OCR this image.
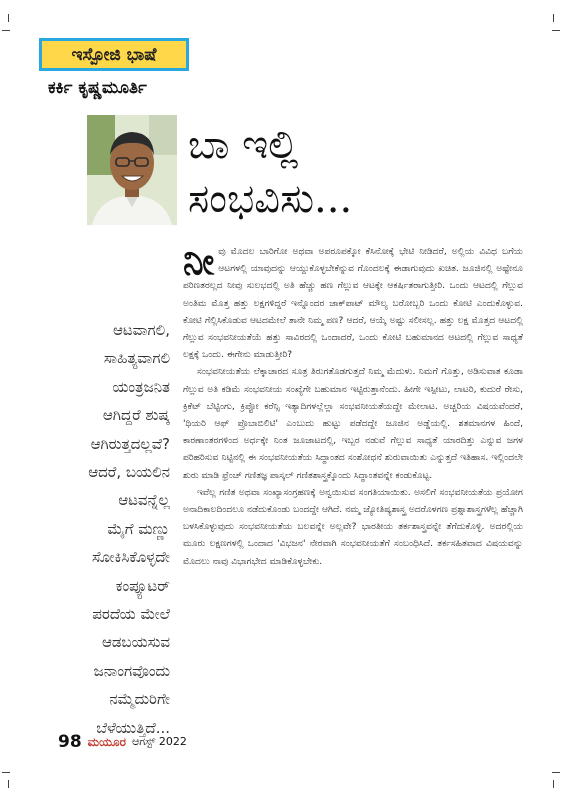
ಇಸ್ಪೋಜಿ ಭಾಷೆ
ಕರ್ಕಿ ಕೃಷ್ಣಮೂರ್ತಿ
ಬಾ ಇಲ್ಲಿ
ಸಂಭವಿಸು...
ಆಟವಾಗಲಿ,
ಸಾಹಿತ್ಯವಾಗಲಿ
ಯಂತ್ರಜನಿತ
ಆಗಿದ್ದರೆ ಶುಷ್ಕ
ಆಗಿರುತ್ತದಲ್ಲವೆ?
ಆದರೆ, ಬಯಲಿನ
ಆಟವನ್ನೆಲ್ಲ
ಮೈಗೆ ಮಣ್ಣು
ಸೋಕಿಸಿಕೊಳ್ಳದೇ
ಕಂಪ್ಯೂಟರ್
ಪರದೆಯ ಮೇಲೆ
ಆಡಬಯಸುವ
ಜನಾಂಗವೊಂದು
ನಮ್ಮೆದುರಿಗೇ
ಬೆಳೆಯುತ್ತಿದೆ...

ನೀವು ಮೊದಲ ಬಾರಿಗೋ ಅಥವಾ ಅಪರೂಪಕ್ಕೋ ಕೆಸಿನೋಕ್ಕೆ ಭೇಟಿ ನೀಡಿದರೆ, ಅಲ್ಲಿಯ ವಿವಿಧ ಬಗೆಯ ಆಟಗಳಲ್ಲಿ ಯಾವುದನ್ನು ಆಯ್ದುಕೊಳ್ಳಬೇಕೆನ್ನುವ ಗೊಂದಲಕ್ಕೆ ಈಡಾಗುವುದು ಖಚಿತ. ಜೂಜಿನಲ್ಲಿ ಅಷ್ಟೇನೂ ಪರಿಣತರಲ್ಲದ ನೀವು ಸುಲಭದಲ್ಲಿ ಅತಿ ಹೆಚ್ಚು ಹಣ ಗೆಲ್ಲುವ ಆಟಕ್ಕೇ ಆಕರ್ಷಿತರಾಗುತ್ತೀರಿ. ಒಂದು ಆಟದಲ್ಲಿ ಗೆಲ್ಲುವ ಅಂತಿಮ ಮೊತ್ತ ಹತ್ತು ಲಕ್ಷಗಳಿದ್ದರೆ ಇನ್ನೊಂದರ ಜಾಕ್‌ಪಾಟ್ ಮೌಲ್ಯ ಬರೋಬ್ಬರಿ ಒಂದು ಕೋಟಿ ಎಂದುಕೊಳ್ಳುವ. ಕೋಟಿ ಗೆಲ್ಲಿಸಿಕೊಡುವ ಆಟದಮೇಲೆ ತಾನೇ ನಿಮ್ಮ ಪಣ? ಆದರೆ, ಆಯ್ಕೆ ಅಷ್ಟು ಸಲೀಸಲ್ಲ. ಹತ್ತು ಲಕ್ಷ ಮೊತ್ತದ ಆಟದಲ್ಲಿ ಗೆಲ್ಲುವ ಸಂಭವನೀಯತೆಯೆ ಹತ್ತು ಸಾವಿರದಲ್ಲಿ ಒಂದಾದರೆ, ಒಂದು ಕೋಟಿ ಬಹುಮಾನದ ಆಟದಲ್ಲಿ ಗೆಲ್ಲುವ ಸಾಧ್ಯತೆ ಲಕ್ಷಕ್ಕೆ ಒಂದು. ಈಗೇನು ಮಾಡುತ್ತೀರಿ?

ಸಂಭವನೀಯತೆಯ ಲೆಕ್ಕಾಚಾರದ ಸೂತ್ರ ತಿರುಗತೊಡಗುತ್ತದೆ ನಿಮ್ಮ ಮೆದುಳು. ನಿಮಗೆ ಗೊತ್ತು, ಅಡಿಸುವಾತ ಕೂಡಾ ಗೆಲ್ಲುವ ಅತಿ ಕಡಿಮೆ ಸಂಭವನೀಯ ಸಂಖ್ಯೆಗೇ ಬಹುಮಾನ ಇಟ್ಟಿರುತ್ತಾನೆಂದು. ಹೀಗೇ ಇಸ್ಪೀಟು, ಲಾಟರಿ, ಕುದುರೆ ರೇಸು, ಕ್ರಿಕೆಟ್ ಬೆಟ್ಟಿಂಗು, ಕ್ರಿಪ್ಟೋ ಕರೆನ್ಸಿ ಇತ್ಯಾದಿಗಳಲ್ಲೆಲ್ಲಾ ಸಂಭವನೀಯತೆಯದ್ದೇ ಮೇಲಾಟ. ಅಚ್ಚರಿಯ ವಿಷಯವೆಂದರೆ, 'ಥಿಯರಿ ಆಫ್ ಪ್ರೊಬಾಬಿಲಿಟಿ' ಎಂಬುದು ಹುಟ್ಟು ಪಡೆದದ್ದೇ ಜೂಜಿನ ಅಡ್ಡೆಯಲ್ಲಿ. ಶತಮಾನಗಳ ಹಿಂದೆ, ಕಾರಣಾಂತರಗಳಿಂದ ಅರ್ಧಕ್ಕೇ ನಿಂತ ಜೂಜಾಟದಲ್ಲಿ, ಇಬ್ಬರ ನಡುವೆ ಗೆಲ್ಲುವ ಸಾಧ್ಯತೆ ಯಾರದಿತ್ತು ಎನ್ನುವ ಜಗಳ ಪರಿಹರಿಸುವ ನಿಟ್ಟಿನಲ್ಲಿ ಈ ಸಂಭವನೀಯತೆಯ ಸಿದ್ಧಾಂತದ ಸಂಶೋಧನೆ ಶುರುವಾಯಿತು ಎನ್ನುತ್ತದೆ ಇತಿಹಾಸ. ಇಲ್ಲಿಂದಲೇ ಶುರು ಮಾಡಿ ಫ್ರೆಂಚ್ ಗಣಿತಜ್ಞ ಪಾಸ್ಕಲ್ ಗಣಿತಶಾಸ್ತ್ರಕ್ಕೊಂದು ಸಿದ್ಧಾಂತವನ್ನೇ ಕಂಡುಕೊಟ್ಟ.

ಇವೆಲ್ಲ ಗಣಿತ ಅಥವಾ ಸಂಖ್ಯಾಸಂಗ್ರಹಣಕ್ಕೆ ಅನ್ವಯಿಸುವ ಸಂಗತಿಯಾಯಿತು. ಅಸಲಿಗೆ ಸಂಭವನೀಯತೆಯ ಪ್ರಯೋಗ ಅನಾದಿಕಾಲದಿಂದಲೂ ನಡೆದುಕೊಂಡು ಬಂದದ್ದೇ ಆಗಿದೆ. ನಮ್ಮ ಜ್ಯೋತಿಷ್ಯಶಾಸ್ತ್ರ ಅದರೊಳಗಣ ಪ್ರಶ್ನಾಶಾಸ್ತ್ರಗಳೆಲ್ಲ ಹೆಚ್ಚಾಗಿ ಬಳಸಿಕೊಳ್ಳುವುದು ಸಂಭವನೀಯತೆಯ ಬಲವನ್ನೇ ಅಲ್ಲವೇ? ಭಾರತೀಯ ತರ್ಕಶಾಸ್ತ್ರವನ್ನೇ ತೆಗೆದುಕೊಳ್ಳಿ. ಅದರಲ್ಲಿಯ ಮೂರು ಲಕ್ಷಣಗಳಲ್ಲಿ ಒಂದಾದ 'ವಿಭಜನ' ನೇರವಾಗಿ ಸಂಭವನೀಯತೆಗೆ ಸಂಬಂಧಿಸಿದೆ. ತರ್ಕಸಹಿತವಾದ ವಿಷಯವನ್ನು ಮೊದಲು ನಾವು ವಿಭಾಗಭೇದ ಮಾಡಿಕೊಳ್ಳಬೇಕು.

98 ಮಯೂರ ಆಗಸ್ಟ್ 2022
